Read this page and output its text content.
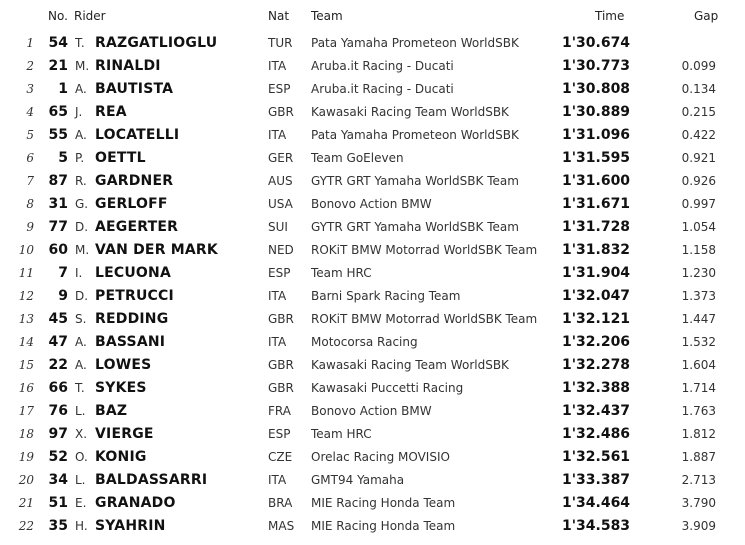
No. Rider	Nat Team	Time	Gap
1	54 T. RAZGATLIOGLU	TUR Pata Yamaha Prometeon WorldSBK	1'30.674
2	21 M. RINALDI	ITA Aruba.it Racing - Ducati	1'30.773	0.099
3	1 A. BAUTISTA	ESP Aruba.it Racing - Ducati	1'30.808	0.134
4	65 J. REA	GBR Kawasaki Racing Team WorldSBK	1'30.889	0.215
5	55 A. LOCATELLI	ITA Pata Yamaha Prometeon WorldSBK	1'31.096	0.422
6	5 P. OETTL	GER Team GoEleven	1'31.595	0.921
7	87 R. GARDNER	AUS GYTR GRT Yamaha WorldSBK Team	1'31.600	0.926
8	31 G. GERLOFF	USA Bonovo Action BMW	1'31.671	0.997
9	77 D. AEGERTER	SUI GYTR GRT Yamaha WorldSBK Team	1'31.728	1.054
10	60 M. VAN DER MARK	NED ROKiT BMW Motorrad WorldSBK Team 1'31.832	1.158
11	7 I. LECUONA	ESP Team HRC	1'31.904	1.230
12	9 D. PETRUCCI	ITA Barni Spark Racing Team	1'32.047	1.373
13	45 S. REDDING	GBR ROKiT BMW Motorrad WorldSBK Team 1'32.121	1.447
14	47 A. BASSANI	ITA Motocorsa Racing	1'32.206	1.532
15	22 A. LOWES	GBR Kawasaki Racing Team WorldSBK	1'32.278	1.604
16	66 T. SYKES	GBR Kawasaki Puccetti Racing	1'32.388	1.714
17	76 L. BAZ	FRA Bonovo Action BMW	1'32.437	1.763
18	97 X. VIERGE	ESP Team HRC	1'32.486	1.812
19	52 O. KONIG	CZE Orelac Racing MOVISIO	1'32.561	1.887
20	34 L. BALDASSARRI	ITA GMT94 Yamaha	1'33.387	2.713
21	51 E. GRANADO	BRA MIE Racing Honda Team	1'34.464	3.790
22	35 H. SYAHRIN	MAS MIE Racing Honda Team	1'34.583	3.909
